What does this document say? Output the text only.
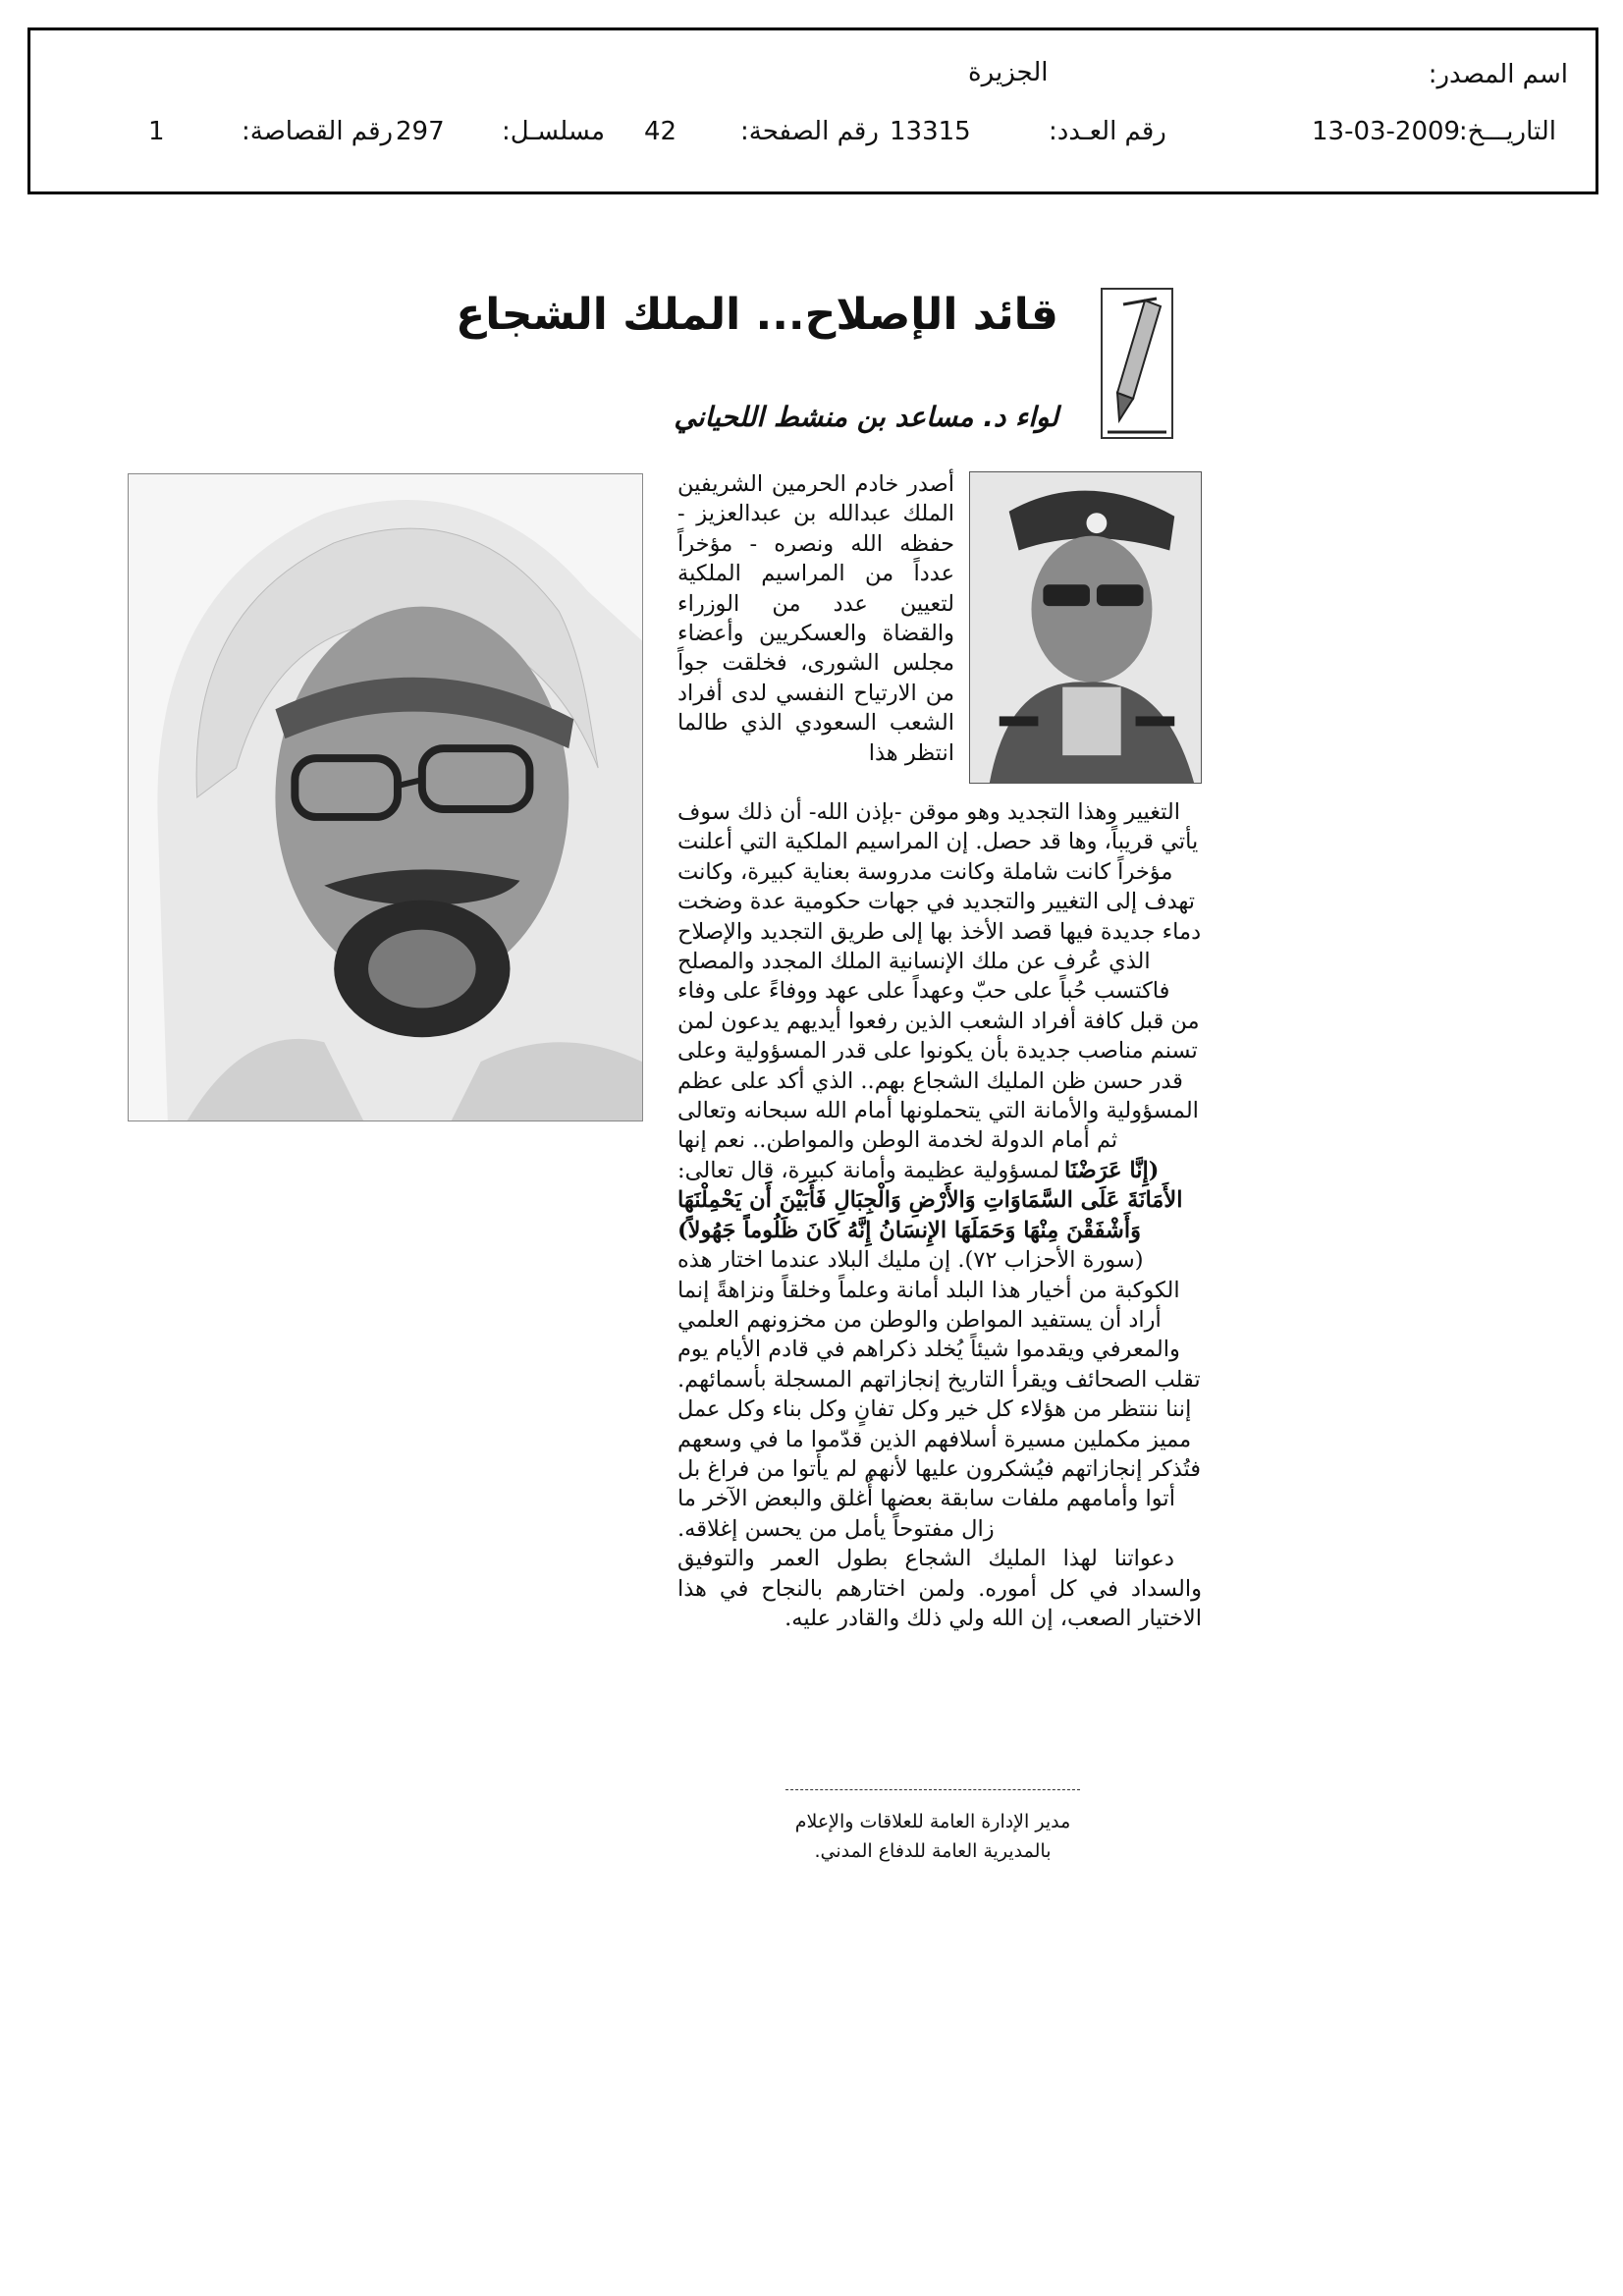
اسم المصدر:
الجزيرة
التاريـــخ:
13-03-2009
رقم العـدد:
13315
رقم الصفحة:
42
مسلسـل:
297
رقم القصاصة:
1
قائد الإصلاح... الملك الشجاع
لواء د. مساعد بن منشط اللحياني

أصدر خادم الحرمين الشريفين الملك عبدالله بن عبدالعزيز - حفظه الله ونصره - مؤخراً عدداً من المراسيم الملكية لتعيين عدد من الوزراء والقضاة والعسكريين وأعضاء مجلس الشورى، فخلقت جواً من الارتياح النفسي لدى أفراد الشعب السعودي الذي طالما انتظر هذا

التغيير وهذا التجديد وهو موقن -بإذن الله- أن ذلك سوف يأتي قريباً، وها قد حصل. إن المراسيم الملكية التي أعلنت مؤخراً كانت شاملة وكانت مدروسة بعناية كبيرة، وكانت تهدف إلى التغيير والتجديد في جهات حكومية عدة وضخت دماء جديدة فيها قصد الأخذ بها إلى طريق التجديد والإصلاح الذي عُرف عن ملك الإنسانية الملك المجدد والمصلح فاكتسب حُباً على حبّ وعهداً على عهد ووفاءً على وفاء من قبل كافة أفراد الشعب الذين رفعوا أيديهم يدعون لمن تسنم مناصب جديدة بأن يكونوا على قدر المسؤولية وعلى قدر حسن ظن المليك الشجاع بهم.. الذي أكد على عظم المسؤولية والأمانة التي يتحملونها أمام الله سبحانه وتعالى ثم أمام الدولة لخدمة الوطن والمواطن.. نعم إنها لمسؤولية عظيمة وأمانة كبيرة، قال تعالى:

(إِنَّا عَرَضْنَا الأَمَانَةَ عَلَى السَّمَاوَاتِ وَالأَرْضِ وَالْجِبَالِ فَأَبَيْنَ أَن يَحْمِلْنَهَا وَأَشْفَقْنَ مِنْهَا وَحَمَلَهَا الإِنسَانُ إِنَّهُ كَانَ ظَلُوماً جَهُولاً)

(سورة الأحزاب ٧٢). إن مليك البلاد عندما اختار هذه الكوكبة من أخيار هذا البلد أمانة وعلماً وخلقاً ونزاهةً إنما أراد أن يستفيد المواطن والوطن من مخزونهم العلمي والمعرفي ويقدموا شيئاً يُخلد ذكراهم في قادم الأيام يوم تقلب الصحائف ويقرأ التاريخ إنجازاتهم المسجلة بأسمائهم. إننا ننتظر من هؤلاء كل خير وكل تفانٍ وكل بناء وكل عمل مميز مكملين مسيرة أسلافهم الذين قدّموا ما في وسعهم فتُذكر إنجازاتهم فيُشكرون عليها لأنهم لم يأتوا من فراغ بل أتوا وأمامهم ملفات سابقة بعضها أُغلق والبعض الآخر ما زال مفتوحاً يأمل من يحسن إغلاقه.

دعواتنا لهذا المليك الشجاع بطول العمر والتوفيق والسداد في كل أموره. ولمن اختارهم بالنجاح في هذا الاختيار الصعب، إن الله ولي ذلك والقادر عليه.

مدير الإدارة العامة للعلاقات والإعلام
بالمديرية العامة للدفاع المدني.
